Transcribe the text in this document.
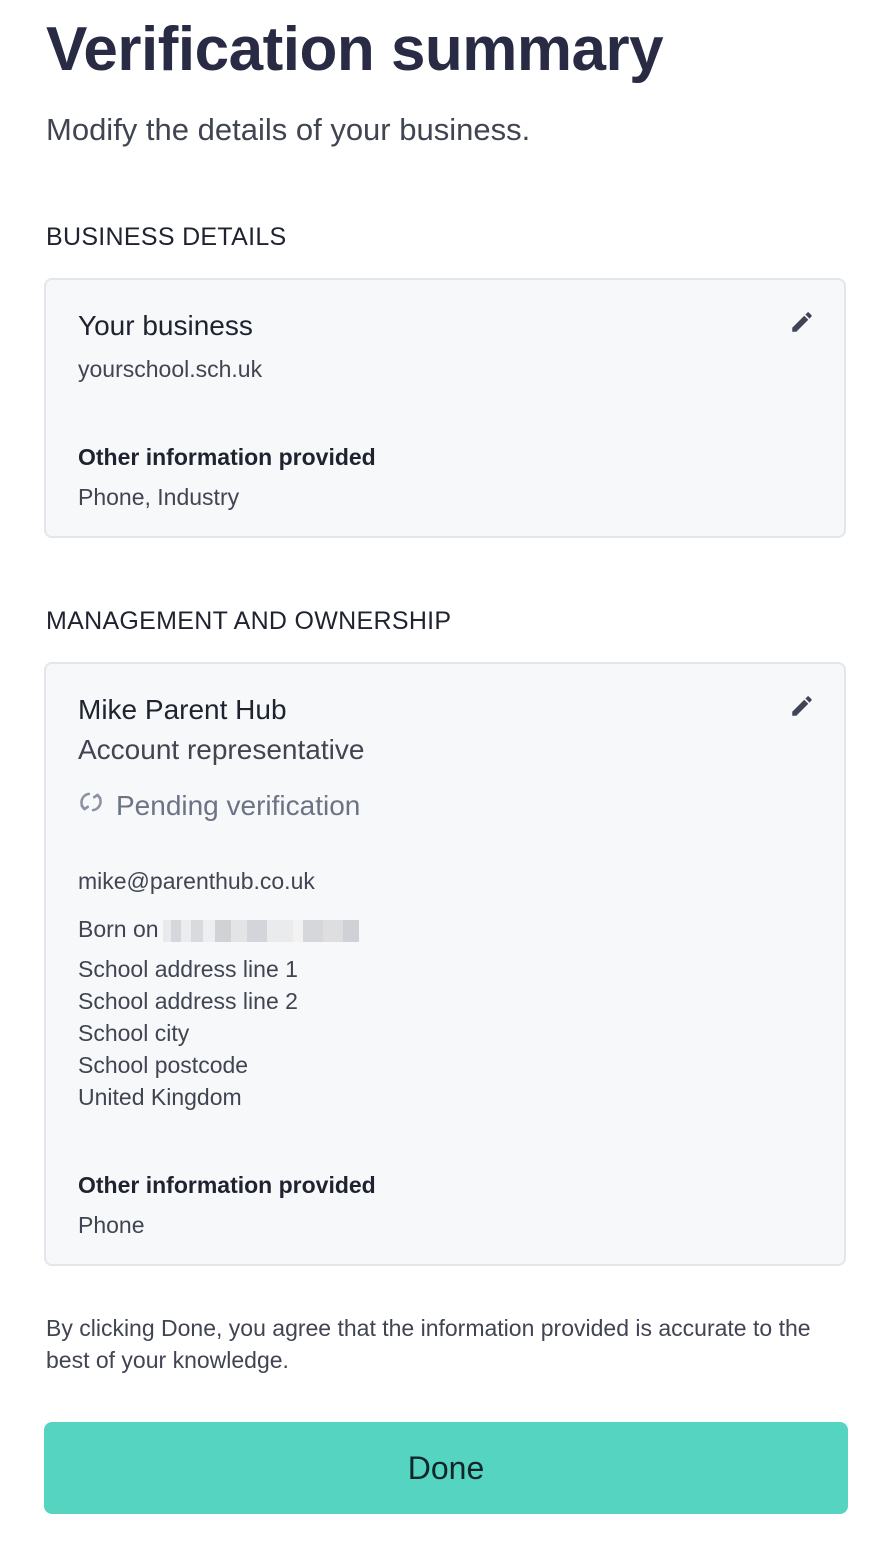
Verification summary
Modify the details of your business.
BUSINESS DETAILS
Your business
yourschool.sch.uk
Other information provided
Phone, Industry
MANAGEMENT AND OWNERSHIP
Mike Parent Hub
Account representative
Pending verification
mike@parenthub.co.uk
Born on
School address line 1
School address line 2
School city
School postcode
United Kingdom
Other information provided
Phone
By clicking Done, you agree that the information provided is accurate to the best of your knowledge.
Done
